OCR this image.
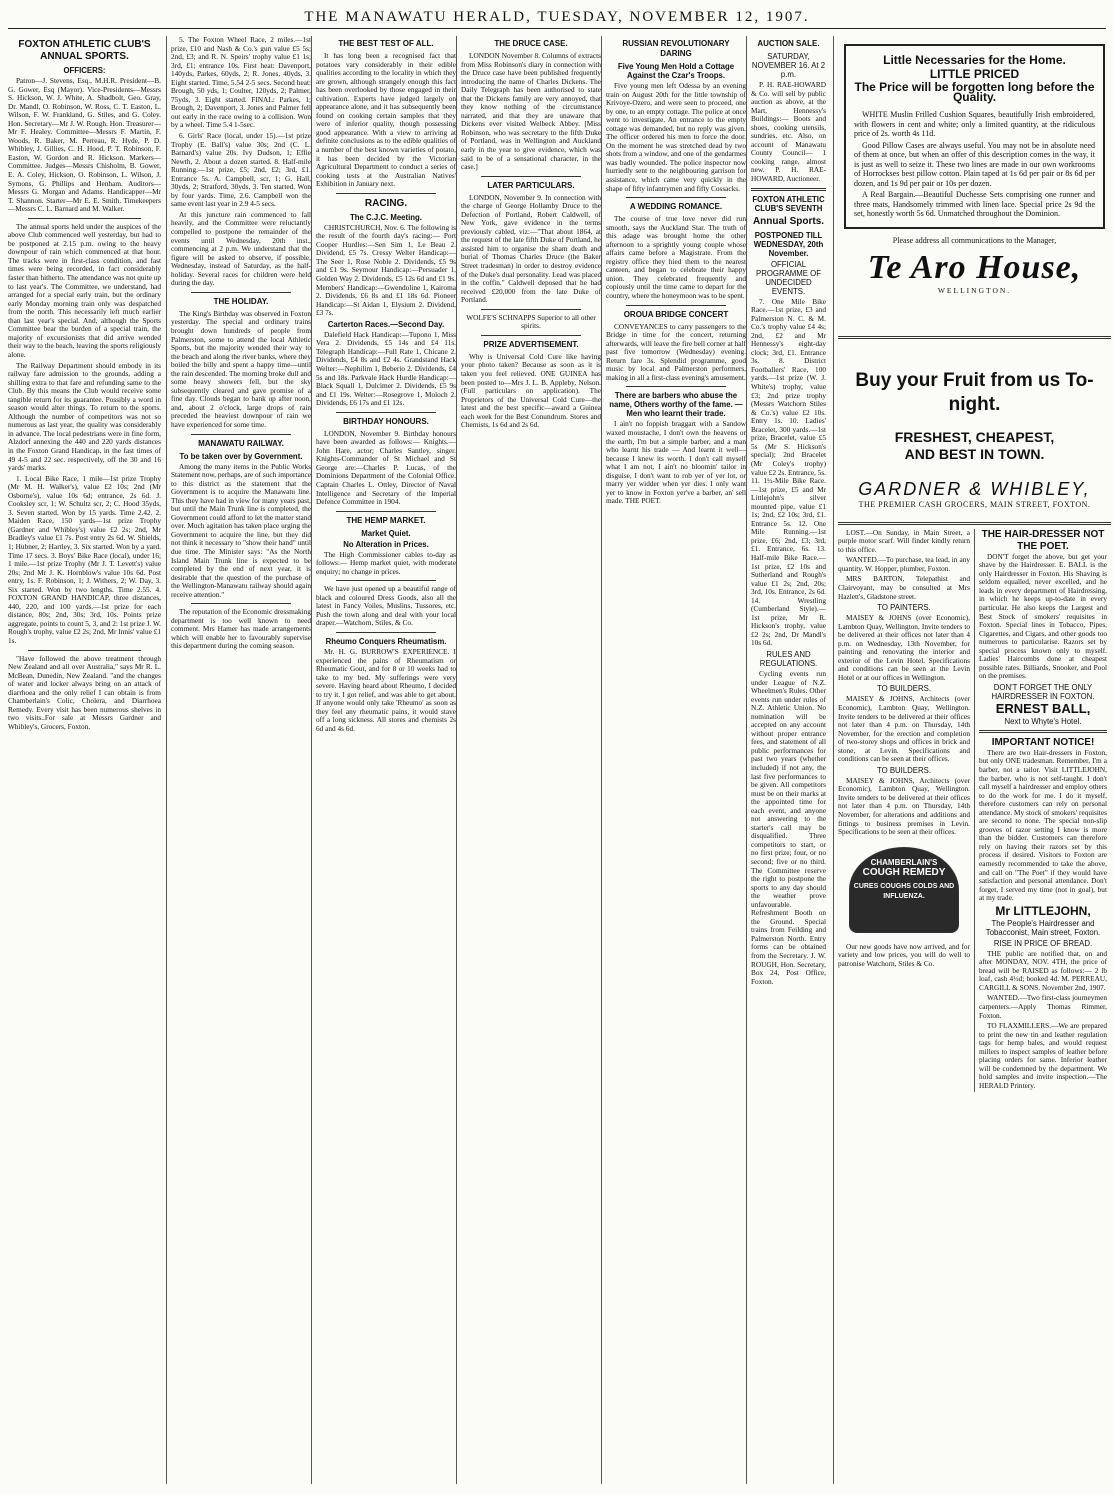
THE MANAWATU HERALD, TUESDAY, NOVEMBER 12, 1907.
FOXTON ATHLETIC CLUB'S ANNUAL SPORTS.
OFFICERS:

Patron—J. Stevens, Esq., M.H.R. President—B. G. Gower, Esq (Mayor). Vice-Presidents—Messrs S. Hickson, W. J. White, A. Shadbolt, Geo. Gray, Dr. Mandl, O. Robinson, W. Ross, C. T. Easton, L. Wilson, F. W. Frankland, G. Stiles, and G. Coley. Hon. Secretary—Mr J. W. Rough. Hon. Treasurer—Mr F. Healey. Committee—Messrs F. Martin, F. Woods, R. Baker, M. Perreau, R. Hyde, P. D. Whibley, J. Gillies, C. H. Hood, P. T. Robinson, F. Easton, W. Gordon and R. Hickson. Markers—Committee. Judges—Messrs Chisholm, B. Gower, E. A. Coley, Hickson, O. Robinson, L. Wilson, J. Symons, G. Phillips and Henham. Auditors—Messrs G. Morgan and Adams. Handicapper—Mr T. Shannon. Starter—Mr E. E. Smith. Timekeepers—Messrs C. L. Barnard and M. Walker.

The annual sports held under the auspices of the above Club commenced well yesterday, but had to be postponed at 2.15 p.m. owing to the heavy downpour of rain which commenced at that hour. The tracks were in first-class condition, and fast times were being recorded, in fact considerably faster than hitherto. The attendance was not quite up to last year's. The Committee, we understand, had arranged for a special early train, but the ordinary early Monday morning train only was despatched from the north. This necessarily left much earlier than last year's special. And, although the Sports Committee bear the burden of a special train, the majority of excursionists that did arrive wended their way to the beach, leaving the sports religiously alone.

The Railway Department should embody in its railway fare admission to the grounds, adding a shilling extra to that fare and refunding same to the Club. By this means the Club would receive some tangible return for its guarantee. Possibly a word in season would alter things. To return to the sports. Although the number of competitors was not so numerous as last year, the quality was considerably in advance. The local pedestrians were in fine form, Alzdorf annexing the 440 and 220 yards distances in the Foxton Grand Handicap, in the fast times of 49 4-5 and 22 sec. respectively, off the 30 and 16 yards' marks.

1. Local Bike Race, 1 mile—1st prize Trophy (Mr M. H. Walker's), value £2 10s; 2nd (Mr Osborne's), value 10s 6d; entrance, 2s 6d. J. Cooksley scr, 1; W. Schultz scr, 2; C. Hood 35yds, 3. Seven started. Won by 15 yards. Time 2.42. 2. Maiden Race, 150 yards—1st prize Trophy (Gardner and Whibley's) value £2 2s; 2nd, Mr Bradley's value £1 7s. Post entry 2s 6d. W. Shields, 1; Hubner, 2; Hartley, 3. Six started. Won by a yard. Time 17 secs. 3. Boys' Bike Race (local), under 16; 1 mile.—1st prize Trophy (Mr J. T. Levett's) value 20s; 2nd Mr J. K. Hornblow's value 10s 6d. Post entry, 1s. F. Robinson, 1; J. Withers, 2; W. Day, 3. Six started. Won by two lengths. Time 2.55. 4. FOXTON GRAND HANDICAP, three distances, 440, 220, and 100 yards.—1st prize for each distance, 80s; 2nd, 30s; 3rd, 10s. Points prize aggregate, points to count 5, 3, and 2: 1st prize J. W. Rough's trophy, value £2 2s; 2nd, Mr Innis' value £1 1s.

"Have followed the above treatment through New Zealand and all over Australia," says Mr R. L. McBean, Dunedin, New Zealand. "and the changes of water and locker always bring on an attack of diarrhoea and the only relief I can obtain is from Chamberlain's Colic, Cholera, and Diarrhoea Remedy. Every visit has been numerous shelves in two visits..For sale at Messrs Gardner and Whibley's, Grocers, Foxton.

5. The Foxton Wheel Race, 2 miles.—1st prize, £10 and Nash & Co.'s gun value £5 5s; 2nd, £3; and R. N. Speirs' trophy value £1 1s; 3rd, £1; entrance 10s. First heat: Davenport, 140yds, Parkes, 60yds, 2; R. Jones, 40yds, 3. Eight started. Time, 5.54 2-5 secs. Second heat: Brough, 50 yds, 1; Coulter, 120yds, 2; Palmer, 75yds, 3. Eight started. FINAL: Parkes, 1; Brough, 2; Davenport, 3. Jones and Palmer fell out early in the race owing to a collision. Won by a wheel. Time 5.4 1-5sec.

6. Girls' Race (local, under 15).—1st prize Trophy (E. Ball's) value 30s; 2nd (C. L. Barnard's) value 20s. Ivy Dudson, 1; Effie Newth, 2. About a dozen started. 8. Half-mile Running.—1st prize, £5; 2nd, £2; 3rd, £1. Entrance 5s. A. Campbell, scr, 1; G. Hall, 30yds, 2; Stratford, 30yds, 3. Ten started. Won by four yards. Time, 2.6. Campbell won the same event last year in 2.9 4-5 secs.

At this juncture rain commenced to fall heavily, and the Committee were reluctantly compelled to postpone the remainder of the events until Wednesday, 20th inst., commencing at 2 p.m. We understand that the figure will be asked to observe, if possible, Wednesday, instead of Saturday, as the half-holiday. Several races for children were held during the day.

THE HOLIDAY.

The King's Birthday was observed in Foxton yesterday. The special and ordinary trains brought down hundreds of people from Palmerston, some to attend the local Athletic Sports, but the majority wended their way to the beach and along the river banks, where they boiled the billy and spent a happy time—until the rain descended. The morning broke dull and some heavy showers fell, but the sky subsequently cleared and gave promise of a fine day. Clouds began to bank up after noon, and, about 2 o'clock, large drops of rain preceded the heaviest downpour of rain we have experienced for some time.

MANAWATU RAILWAY.
To be taken over by Government.

Among the many items in the Public Works Statement now, perhaps, are of such importance to this district as the statement that the Government is to acquire the Manawatu line. This they have had in view for many years past, but until the Main Trunk line is completed, the Government could afford to let the matter stand over. Much agitation has taken place urging the Government to acquire the line, but they did not think it necessary to "show their hand" until due time. The Minister says: "As the North Island Main Trunk line is expected to be completed by the end of next year, it is desirable that the question of the purchase of the Wellington-Manawatu railway should again receive attention."

The reputation of the Economic dressmaking department is too well known to need comment. Mrs Hamer has made arrangements which will enable her to favourably supervise this department during the coming season.

THE BEST TEST OF ALL.

It has long been a recognised fact that potatoes vary considerably in their edible qualities according to the locality in which they are grown, although strangely enough this fact has been overlooked by those engaged in their cultivation. Experts have judged largely on appearance alone, and it has subsequently been found on cooking certain samples that they were of inferior quality, though possessing good appearance. With a view to arriving at definite conclusions as to the edible qualities of a number of the best known varieties of potato, it has been decided by the Victorian Agricultural Department to conduct a series of cooking tests at the Australian Natives' Exhibition in January next.

RACING.
The C.J.C. Meeting.

CHRISTCHURCH, Nov. 6. The following is the result of the fourth day's racing:— Port Cooper Hurdles:—Sen Sim 1, Le Beau 2. Dividend, £5 7s. Cressy Welter Handicap:—The Seer 1, Rose Noble 2. Dividends, £5 9s and £1 9s. Seymour Handicap:—Persuader 1, Golden Way 2. Dividends, £5 12s 6d and £1 9s. Members' Handicap:—Gwendoline 1, Kairoma 2. Dividends, £6 8s and £1 18s 6d. Pioneer Handicap:—St Aidan 1, Elysium 2. Dividend, £3 7s.

Carterton Races.—Second Day.

Dalefield Hack Handicap:—Tupono 1, Miss Vera 2. Dividends, £5 14s and £4 11s. Telegraph Handicap:—Full Rate 1, Chicane 2. Dividends, £4 8s and £2 4s. Grandstand Hack Welter:—Nephilim 1, Beberio 2. Dividends, £4 5s and 18s. Parkvale Hack Hurdle Handicap:—Black Squall 1, Dulcimer 2. Dividends, £5 9s and £1 19s. Welter:—Rosegrove 1, Moloch 2. Dividends, £6 17s and £1 12s.

BIRTHDAY HONOURS.

LONDON, November 9. Birthday honours have been awarded as follows:— Knights.—John Hare, actor; Charles Santley, singer. Knights-Commander of St Michael and St George are:—Charles P. Lucas, of the Dominions Department of the Colonial Office. Captain Charles L. Ottley, Director of Naval Intelligence and Secretary of the Imperial Defence Committee in 1904.

THE HEMP MARKET.
Market Quiet.
No Alteration in Prices.

The High Commissioner cables to-day as follows:— Hemp market quiet, with moderate enquiry; no change in prices.

We have just opened up a beautiful range of black and coloured Dress Goods, also all the latest in Fancy Voiles, Muslins, Tussores, etc. Push the town along and deal with your local draper.—Watchorn, Stiles, & Co.

Rheumo Conquers Rheumatism.

Mr. H. G. BURROW'S EXPERIENCE. I experienced the pains of Rheumatism or Rheumatic Gout, and for 8 or 10 weeks had to take to my bed. My sufferings were very severe. Having heard about Rheumo, I decided to try it. I got relief, and was able to get about. If anyone would only take 'Rheumo' as soon as they feel any rheumatic pains, it would stave off a long sickness. All stores and chemists 2s 6d and 4s 6d.

THE DRUCE CASE.

LONDON November 8. Columns of extracts from Miss Robinson's diary in connection with the Druce case have been published frequently introducing the name of Charles Dickens. The Daily Telegraph has been authorised to state that the Dickens family are very annoyed, that they know nothing of the circumstance narrated, and that they are unaware that Dickens ever visited Welbeck Abbey. [Miss Robinson, who was secretary to the fifth Duke of Portland, was in Wellington and Auckland early in the year to give evidence, which was said to be of a sensational character, in the case.]

LATER PARTICULARS.

LONDON, November 9. In connection with the charge of George Hollamby Druce to the Defection of Portland, Robert Caldwell, of New York, gave evidence in the terms previously cabled, viz:—"That about 1864, at the request of the late fifth Duke of Portland, he assisted him to organise the sham death and burial of Thomas Charles Druce (the Baker Street tradesman) in order to destroy evidence of the Duke's dual personality. Lead was placed in the coffin." Caldwell deposed that he had received £20,000 from the late Duke of Portland.

WOLFE'S SCHNAPPS Superior to all other spirits.

PRIZE ADVERTISEMENT.

Why is Universal Cold Cure like having your photo taken? Because as soon as it is taken you feel relieved. ONE GUINEA has been posted to—Mrs J. L. B. Appleby, Nelson. (Full particulars on application). The Proprietors of the Universal Cold Cure—the latest and the best specific—award a Guinea each week for the Best Conundrum. Stores and Chemists, 1s 6d and 2s 6d.

RUSSIAN REVOLUTIONARY DARING
Five Young Men Hold a Cottage Against the Czar's Troops.

Five young men left Odessa by an evening train on August 20th for the little township of Krivoye-Ozero, and were seen to proceed, one by one, to an empty cottage. The police at once went to investigate. An entrance to the empty cottage was demanded, but no reply was given. The officer ordered his men to force the door. On the moment he was stretched dead by two shots from a window, and one of the gendarmes was badly wounded. The police inspector now hurriedly sent to the neighbouring garrison for assistance, which came very quickly in the shape of fifty infantrymen and fifty Cossacks.

A WEDDING ROMANCE.

The course of true love never did run smooth, says the Auckland Star. The truth of this adage was brought home the other afternoon to a sprightly young couple whose affairs came before a Magistrate. From the registry office they hied them to the nearest canteen, and began to celebrate their happy union. They celebrated frequently and copiously until the time came to depart for the country, where the honeymoon was to be spent.

OROUA BRIDGE CONCERT

CONVEYANCES to carry passengers to the Bridge in time for the concert, returning afterwards, will leave the fire bell corner at half past five tomorrow (Wednesday) evening. Return fare 3s. Splendid programme, good music by local and Palmerston performers, making in all a first-class evening's amusement.

There are barbers who abuse the name, Others worthy of the fame. —Men who learnt their trade.

I ain't no foppish braggart with a Sandow waxed moustache, I don't own the heavens or the earth, I'm but a simple barber, and a man who learnt his trade — And learnt it well—because I knew its worth. I don't call myself what I am not, I ain't no bloomin' tailor in disguise, I don't want to rob yer of yer lot, or marry yer widder when yer dies. I only want yer to know in Foxton yer've a barber, an' sell made. THE POET.

AUCTION SALE.
SATURDAY, NOVEMBER 16. At 2 p.m.

P. H. RAE-HOWARD & Co. will sell by public auction as above, at the Mart, Hennessy's Buildings:— Boots and shoes, cooking utensils, sundries, etc. Also, on account of Manawatu County Council— 1 cooking range, almost new. P. H. RAE-HOWARD, Auctioneer.

FOXTON ATHLETIC CLUB'S SEVENTH
Annual Sports.
POSTPONED TILL WEDNESDAY, 20th November.
OFFICIAL PROGRAMME OF UNDECIDED EVENTS.

7. One Mile Bike Race.—1st prize, £3 and Palmerston N. C. & M. Co.'s trophy value £4 4s; 2nd, £2 and Mr Hennessy's eight-day clock; 3rd, £1. Entrance 3s. 8. District Footballers' Race, 100 yards.—1st prize (W. J. White's) trophy, value £3; 2nd prize trophy (Messrs Watchorn Stiles & Co.'s) value £2 10s. Entry 1s. 10. Ladies' Bracelet, 300 yards.—1st prize, Bracelet, value £5 5s (Mr S. Hickson's special); 2nd Bracelet (Mr Coley's trophy) value £2 2s. Entrance, 5s. 11. 1½-Mile Bike Race.—1st prize, £5 and Mr Littlejohn's silver mounted pipe, value £1 1s; 2nd, £2 10s; 3rd, £1. Entrance 5s. 12. One Mile Running.—1st prize, £6; 2nd, £3; 3rd, £1. Entrance, 6s. 13. Half-mile Bike Race.—1st prize, £2 10s and Sutherland and Rough's value £1 2s; 2nd, 20s; 3rd, 10s. Entrance, 2s 6d. 14. Wrestling (Cumberland Style).—1st prize, Mr R. Hickson's trophy, value £2 2s; 2nd, Dr Mandl's 10s 6d.

RULES AND REGULATIONS.

Cycling events run under League of N.Z. Wheelmen's Rules. Other events run under rules of N.Z. Athletic Union. No nomination will be accepted on any account without proper entrance fees, and statement of all public performances for past two years (whether included) if not any, the last five performances to be given. All competitors must be on their marks at the appointed time for each event, and anyone not answering to the starter's call may be disqualified. Three competitors to start, or no first prize; four, or no second; five or no third. The Committee reserve the right to postpone the sports to any day should the weather prove unfavourable. Refreshment Booth on the Ground. Special trains from Feilding and Palmerston North. Entry forms can be obtained from the Secretary. J. W. ROUGH, Hon. Secretary, Box 24, Post Office, Foxton.

Little Necessaries for the Home.
LITTLE PRICED
The Price will be forgotten long before the Quality.

WHITE Muslin Frilled Cushion Squares, beautifully Irish embroidered, with flowers in cent and white; only a limited quantity, at the ridiculous price of 2s. worth 4s 11d.

Good Pillow Cases are always useful. You may not be in absolute need of them at once, but when an offer of this description comes in the way, it is just as well to seize it. These two lines are made in our own workrooms of Horrockses best pillow cotton. Plain taped at 1s 6d per pair or 8s 6d per dozen, and 1s 9d per pair or 10s per dozen.

A Real Bargain.—Beautiful Duchesse Sets comprising one runner and three mats, Handsomely trimmed with linen lace. Special price 2s 9d the set, honestly worth 5s 6d. Unmatched throughout the Dominion.

Please address all communications to the Manager,
Te Aro House,
WELLINGTON.
Buy your Fruit from us To-night.
FRESHEST, CHEAPEST, AND BEST IN TOWN.
GARDNER & WHIBLEY,
THE PREMIER CASH GROCERS, MAIN STREET, FOXTON.

LOST.—On Sunday, in Main Street, a purple motor scarf. Will finder kindly return to this office.

WANTED.—To purchase, tea lead, in any quantity. W. Hopper, plumber, Foxton.

MRS BARTON, Telepathist and Clairvoyant, may be consulted at Mrs Hazlett's, Gladstone street.

TO PAINTERS.

MAISEY & JOHNS (over Economic), Lambton Quay, Wellington. Invite tenders to be delivered at their offices not later than 4 p.m. on Wednesday, 13th November, for painting and renovating the interior and exterior of the Levin Hotel. Specifications and conditions can be seen at the Levin Hotel or at our offices in Wellington.

TO BUILDERS.

MAISEY & JOHNS, Architects (over Economic), Lambton Quay, Wellington. Invite tenders to be delivered at their offices not later than 4 p.m. on Thursday, 14th November, for the erection and completion of two-storey shops and offices in brick and stone, at Levin. Specifications and conditions can be seen at their offices.

TO BUILDERS.

MAISEY & JOHNS, Architects (over Economic), Lambton Quay, Wellington. Invite tenders to be delivered at their offices not later than 4 p.m. on Thursday, 14th November, for alterations and additions and fittings to business premises in Levin. Specifications to be seen at their offices.

CHAMBERLAIN'S
COUGH REMEDY
CURES COUGHS COLDS AND INFLUENZA.

Our new goods have now arrived, and for variety and low prices, you will do well to patronise Watchorn, Stiles & Co.

THE HAIR-DRESSER NOT THE POET.

DON'T forget the above, but get your shave by the Hairdresser. E. BALL is the only Hairdresser in Foxton. His Shaving is seldom equalled, never excelled, and he leads in every department of Hairdressing, in which he keeps up-to-date in every particular. He also keeps the Largest and Best Stock of smokers' requisites in Foxton. Special lines in Tobacco, Pipes, Cigarettes, and Cigars, and other goods too numerous to particularise. Razors set by special process known only to myself. Ladies' Haircombs done at cheapest possible rates. Billiards, Snooker, and Pool on the premises.

DON'T FORGET THE ONLY HAIRDRESSER IN FOXTON.
ERNEST BALL,
Next to Whyte's Hotel.
IMPORTANT NOTICE!

There are two Hair-dressers in Foxton, but only ONE tradesman. Remember, I'm a barber, not a tailor. Visit LITTLEJOHN, the barber, who is not self-taught. I don't call myself a hairdresser and employ others to do the work for me. I do it myself, therefore customers can rely on personal attendance. My stock of smokers' requisites are second to none. The special non-slip grooves of razor setting I know is more than the bidder. Customers can therefore rely on having their razors set by this process if desired. Visitors to Foxton are earnestly recommended to take the above, and call on "The Poet" if they would have satisfaction and personal attendance. Don't forget, I served my time (not in goal), but at my trade.

Mr LITTLEJOHN,
The People's Hairdresser and Tobacconist, Main street, Foxton.
RISE IN PRICE OF BREAD.

THE public are notified that, on and after MONDAY, NOV. 4TH, the price of bread will be RAISED as follows:— 2 lb loaf, cash 4½d; booked 4d. M. PERREAU, CARGILL & SONS. November 2nd, 1907.

WANTED.—Two first-class journeymen carpenters.—Apply Thomas Rimmer, Foxton.

TO FLAXMILLERS.—We are prepared to print the new tin and leather regulation tags for hemp bales, and would request millers to inspect samples of leather before placing orders for same. Inferior leather will be condemned by the department. We hold samples and invite inspection.—The HERALD Printery.
